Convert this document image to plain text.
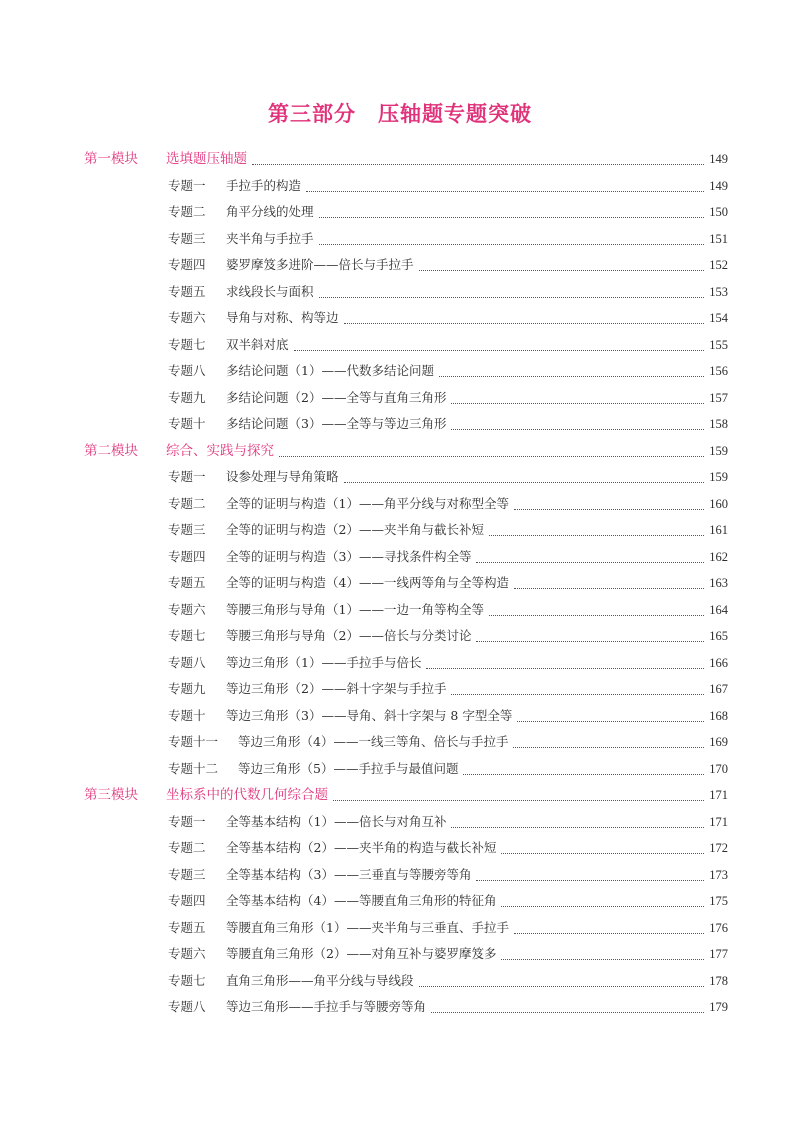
第三部分　压轴题专题突破
第一模块 选填题压轴题	149
专题一 手拉手的构造	149
专题二 角平分线的处理	150
专题三 夹半角与手拉手	151
专题四 婆罗摩笈多进阶——倍长与手拉手	152
专题五 求线段长与面积	153
专题六 导角与对称、构等边	154
专题七 双半斜对底	155
专题八 多结论问题（1）——代数多结论问题	156
专题九 多结论问题（2）——全等与直角三角形	157
专题十 多结论问题（3）——全等与等边三角形	158
第二模块 综合、实践与探究	159
专题一 设参处理与导角策略	159
专题二 全等的证明与构造（1）——角平分线与对称型全等	160
专题三 全等的证明与构造（2）——夹半角与截长补短	161
专题四 全等的证明与构造（3）——寻找条件构全等	162
专题五 全等的证明与构造（4）——一线两等角与全等构造	163
专题六 等腰三角形与导角（1）——一边一角等构全等	164
专题七 等腰三角形与导角（2）——倍长与分类讨论	165
专题八 等边三角形（1）——手拉手与倍长	166
专题九 等边三角形（2）——斜十字架与手拉手	167
专题十 等边三角形（3）——导角、斜十字架与 8 字型全等	168
专题十一 等边三角形（4）——一线三等角、倍长与手拉手	169
专题十二 等边三角形（5）——手拉手与最值问题	170
第三模块 坐标系中的代数几何综合题	171
专题一 全等基本结构（1）——倍长与对角互补	171
专题二 全等基本结构（2）——夹半角的构造与截长补短	172
专题三 全等基本结构（3）——三垂直与等腰旁等角	173
专题四 全等基本结构（4）——等腰直角三角形的特征角	175
专题五 等腰直角三角形（1）——夹半角与三垂直、手拉手	176
专题六 等腰直角三角形（2）——对角互补与婆罗摩笈多	177
专题七 直角三角形——角平分线与导线段	178
专题八 等边三角形——手拉手与等腰旁等角	179
